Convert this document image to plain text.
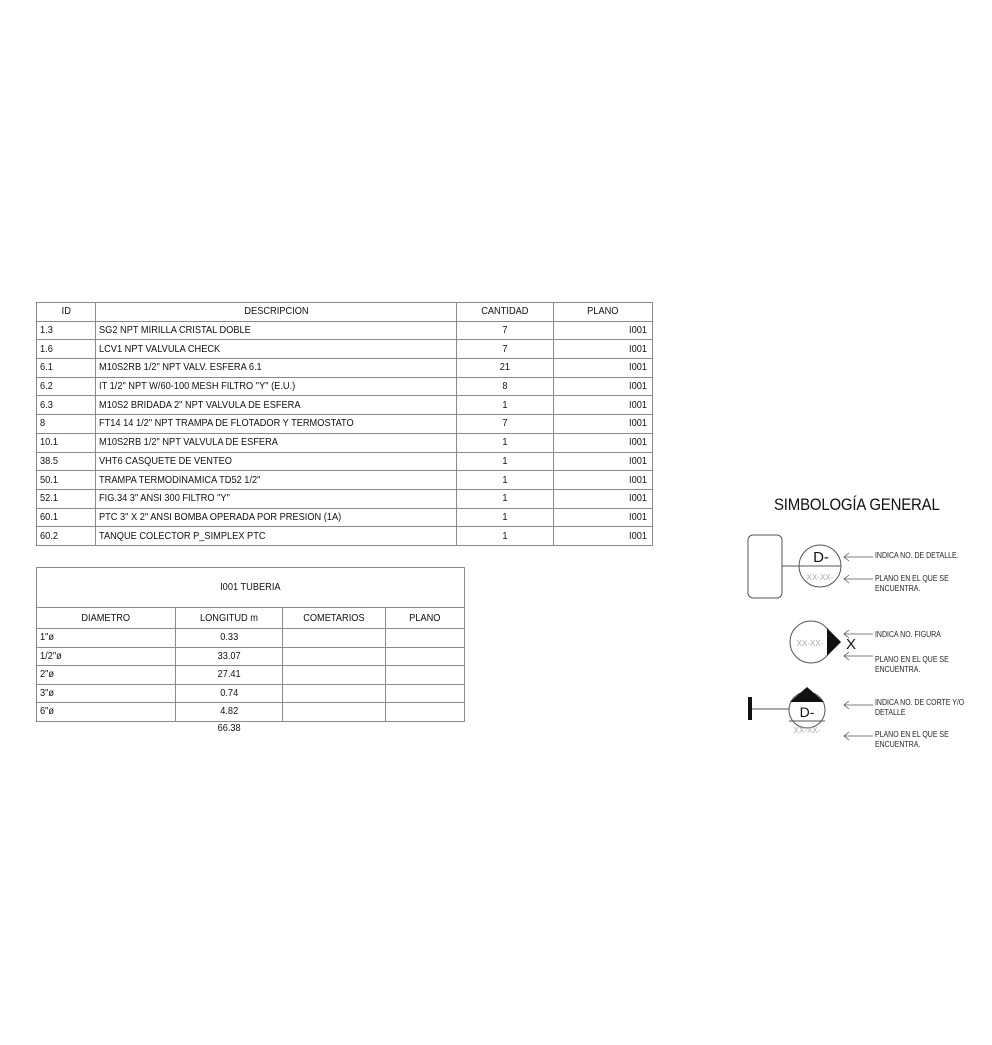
ID	DESCRIPCION	CANTIDAD	PLANO
1.3	SG2 NPT MIRILLA CRISTAL DOBLE	7	I001
1.6	LCV1 NPT VALVULA CHECK	7	I001
6.1	M10S2RB 1/2" NPT VALV. ESFERA 6.1	21	I001
6.2	IT 1/2" NPT W/60-100 MESH FILTRO "Y" (E.U.)	8	I001
6.3	M10S2 BRIDADA 2" NPT VALVULA DE ESFERA	1	I001
8	FT14 14 1/2" NPT TRAMPA DE FLOTADOR Y TERMOSTATO	7	I001
10.1	M10S2RB 1/2" NPT VALVULA DE ESFERA	1	I001
38.5	VHT6 CASQUETE DE VENTEO	1	I001
50.1	TRAMPA TERMODINAMICA TD52 1/2"	1	I001
52.1	FIG.34 3" ANSI 300 FILTRO "Y"	1	I001
60.1	PTC 3" X 2" ANSI BOMBA OPERADA POR PRESION (1A)	1	I001
60.2	TANQUE COLECTOR P_SIMPLEX PTC	1	I001
I001 TUBERIA
DIAMETRO	LONGITUD m	COMETARIOS	PLANO
1"ø	0.33		
1/2"ø	33.07		
2"ø	27.41		
3"ø	0.74		
6"ø	4.82		
66.38
SIMBOLOGÍA GENERAL
D-
XX-XX-
XX-XX- X
D-
XX-XX-
INDICA NO. DE DETALLE.
PLANO EN EL QUE SE
ENCUENTRA.
INDICA NO. FIGURA
PLANO EN EL QUE SE
ENCUENTRA.
INDICA NO. DE CORTE Y/O
DETALLE
PLANO EN EL QUE SE
ENCUENTRA.
